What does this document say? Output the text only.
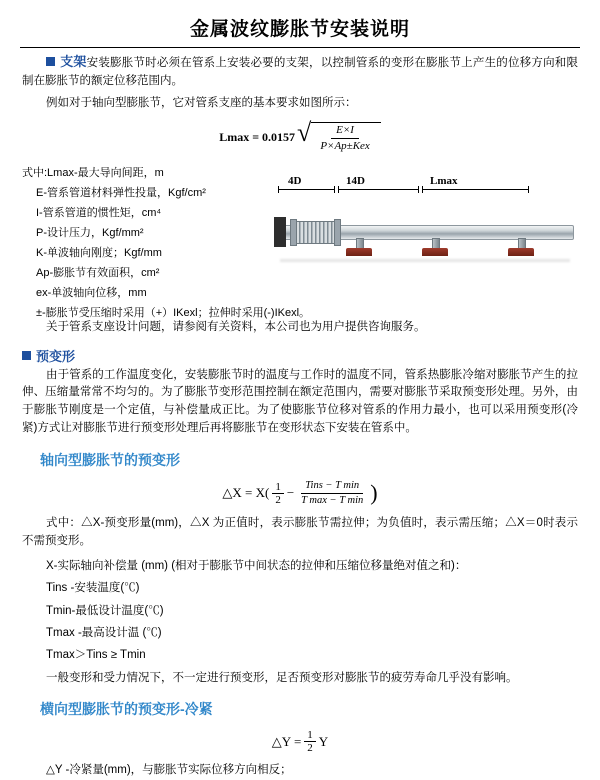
金属波纹膨胀节安装说明

支架安装膨胀节时必须在管系上安装必要的支架，以控制管系的变形在膨胀节上产生的位移方向和限制在膨胀节的额定位移范围内。

例如对于轴向型膨胀节，它对管系支座的基本要求如图所示：

Lmax = 0.0157 √ $\frac{E\times I}{\text{P×Ap±Kex}}$
式中:Lmax-最大导向间距，m
E-管系管道材料弹性投量，Kgf/cm²
I-管系管道的惯性矩，cm⁴
P-设计压力，Kgf/mm²
K-单波轴向刚度；Kgf/mm
Ap-膨胀节有效面积，cm²
ex-单波轴向位移，mm
±-膨胀节受压缩时采用（+）IKexl；拉伸时采用(-)IKexl。
4D	14D	Lmax

关于管系支座设计问题，请参阅有关资料，本公司也为用户提供咨询服务。

预变形

由于管系的工作温度变化，安装膨胀节时的温度与工作时的温度不同，管系热膨胀冷缩对膨胀节产生的拉伸、压缩量常常不均匀的。为了膨胀节变形范围控制在额定范围内，需要对膨胀节采取预变形处理。另外，由于膨胀节刚度是一个定值，与补偿量成正比。为了使膨胀节位移对管系的作用力最小，也可以采用预变形(冷紧)方式让对膨胀节进行预变形处理后再将膨胀节在变形状态下安装在管系中。

轴向型膨胀节的预变形
△X = $X( \frac{1}{2} - \frac{\text{Tins − T min}}{\text{T max − T min}}$ )

式中：△X-预变形量(mm)，△X 为正值时，表示膨胀节需拉伸；为负值时，表示需压缩；△X＝0时表示不需预变形。

X-实际轴向补偿量 (mm) (相对于膨胀节中间状态的拉伸和压缩位移量绝对值之和)：
Tins -安装温度(℃)
Tmin-最低设计温度(℃)
Tmax -最高设计温 (℃)
Tmax＞Tins ≥ Tmin

一般变形和受力情况下，不一定进行预变形，足否预变形对膨胀节的疲劳寿命几乎没有影响。

横向型膨胀节的预变形-冷紧
△Y = $\frac{1}{2}$ Y

△Y -冷紧量(mm)，与膨胀节实际位移方向相反；
